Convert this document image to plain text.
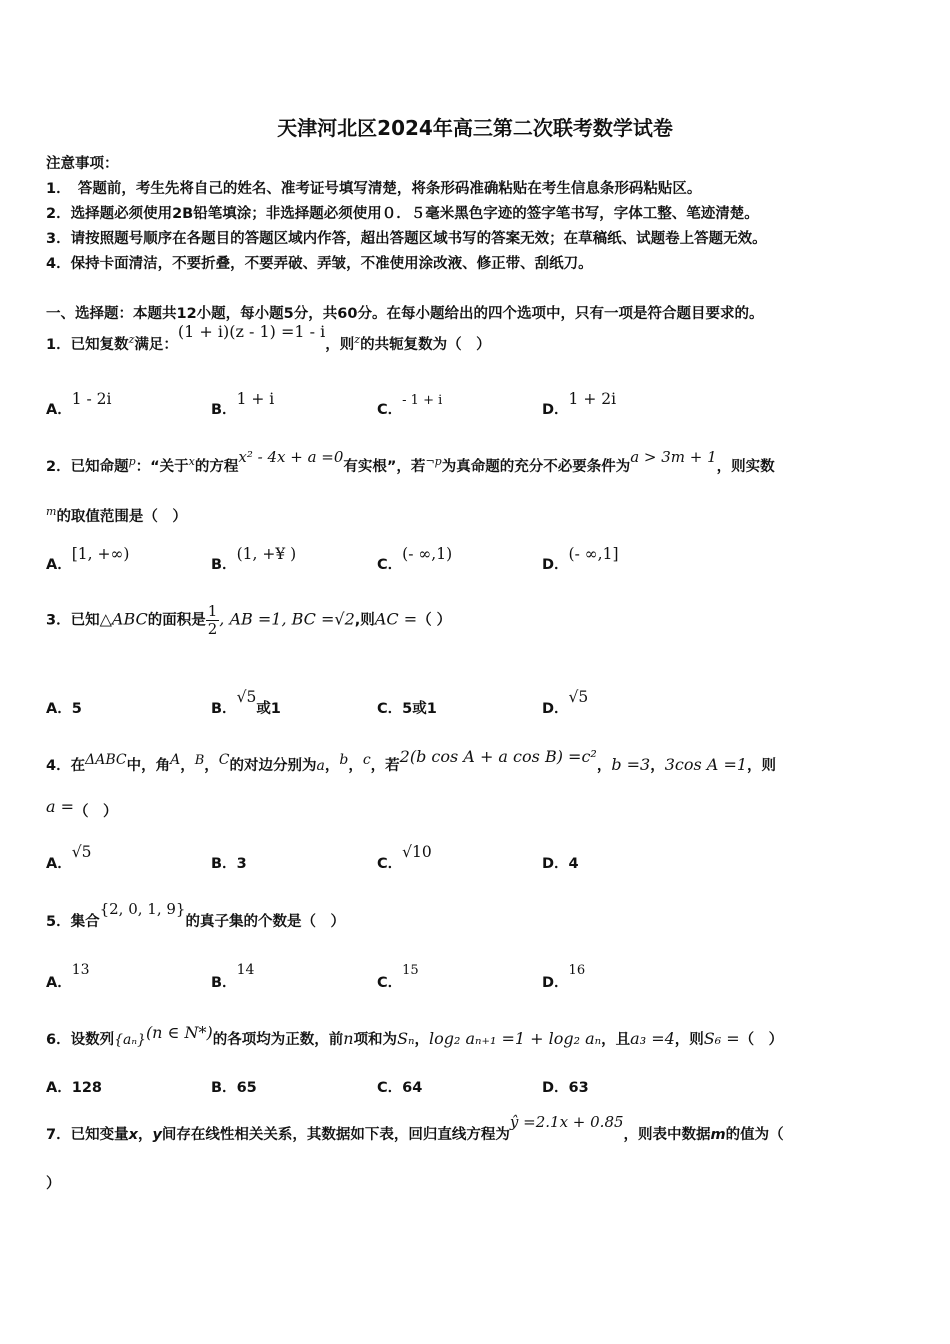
天津河北区2024年高三第二次联考数学试卷
注意事项：
1．　答题前，考生先将自己的姓名、准考证号填写清楚，将条形码准确粘贴在考生信息条形码粘贴区。
2．选择题必须使用2B铅笔填涂；非选择题必须使用０．５毫米黑色字迹的签字笔书写，字体工整、笔迹清楚。
3．请按照题号顺序在各题目的答题区域内作答，超出答题区域书写的答案无效；在草稿纸、试题卷上答题无效。
4．保持卡面清洁，不要折叠，不要弄破、弄皱，不准使用涂改液、修正带、刮纸刀。
一、选择题：本题共12小题，每小题5分，共60分。在每小题给出的四个选项中，只有一项是符合题目要求的。
1．已知复数$^z$满足：(1 + i)(z - 1) =1 - i，则$^z$的共轭复数为（　）
A．1 - 2i
B．1 + i
C．- 1 + i
D．1 + 2i
2．已知命题$^p$：“关于$^x$的方程x² - 4x + a =0有实根”，若$^{\neg p}$为真命题的充分不必要条件为a > 3m + 1，则实数
$^m$的取值范围是（　）
A．[1, +∞)
B．(1, +¥ )
C．(- ∞,1)
D．(- ∞,1]
3．已知△ABC的面积是 $\frac{1}{2}$ , AB =1, BC =√2,则AC =（ ）
A．5	B．√5或1	C．5或1	D．√5
4．在$^{\Delta ABC}$中，角$^A$，$^B$，$^C$的对边分别为a，$^b$，$^c$，若2(b cos A + a cos B) =c²，b =3，3cos A =1，则
a =（　）
A．√5
B．3	C．√10
D．4
5．集合{2, 0, 1, 9}的真子集的个数是（　）
A．13
B．14
C．15
D．16
6．设数列{aₙ}(n ∈ N*)的各项均为正数，前n项和为Sₙ，log₂ aₙ₊₁ =1 + log₂ aₙ，且a₃ =4，则S₆ =（　）
A．128	B．65	C．64	D．63
7．已知变量x，y间存在线性相关关系，其数据如下表，回归直线方程为ŷ =2.1x + 0.85，则表中数据m的值为（
）
